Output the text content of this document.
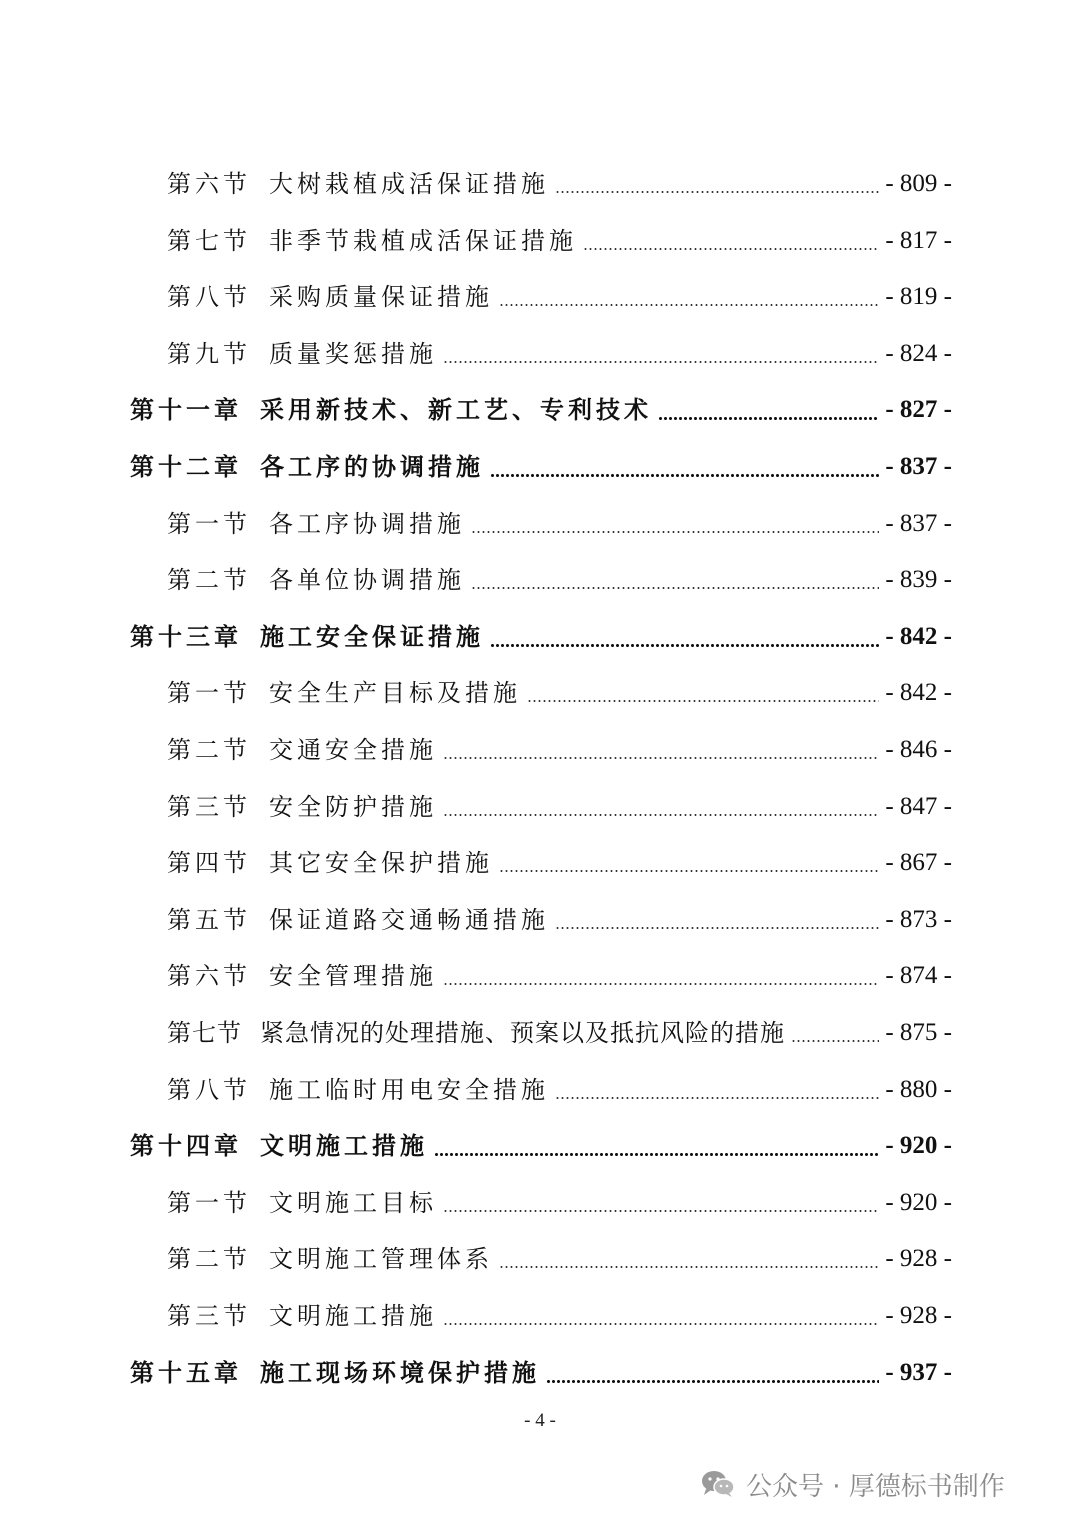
第六节 大树栽植成活保证措施	- 809 -
第七节 非季节栽植成活保证措施	- 817 -
第八节 采购质量保证措施	- 819 -
第九节 质量奖惩措施	- 824 -
第十一章 采用新技术、新工艺、专利技术	- 827 -
第十二章 各工序的协调措施	- 837 -
第一节 各工序协调措施	- 837 -
第二节 各单位协调措施	- 839 -
第十三章 施工安全保证措施	- 842 -
第一节 安全生产目标及措施	- 842 -
第二节 交通安全措施	- 846 -
第三节 安全防护措施	- 847 -
第四节 其它安全保护措施	- 867 -
第五节 保证道路交通畅通措施	- 873 -
第六节 安全管理措施	- 874 -
第七节 紧急情况的处理措施、预案以及抵抗风险的措施	- 875 -
第八节 施工临时用电安全措施	- 880 -
第十四章 文明施工措施	- 920 -
第一节 文明施工目标	- 920 -
第二节 文明施工管理体系	- 928 -
第三节 文明施工措施	- 928 -
第十五章 施工现场环境保护措施	- 937 -
- 4 -
公众号 · 厚德标书制作
